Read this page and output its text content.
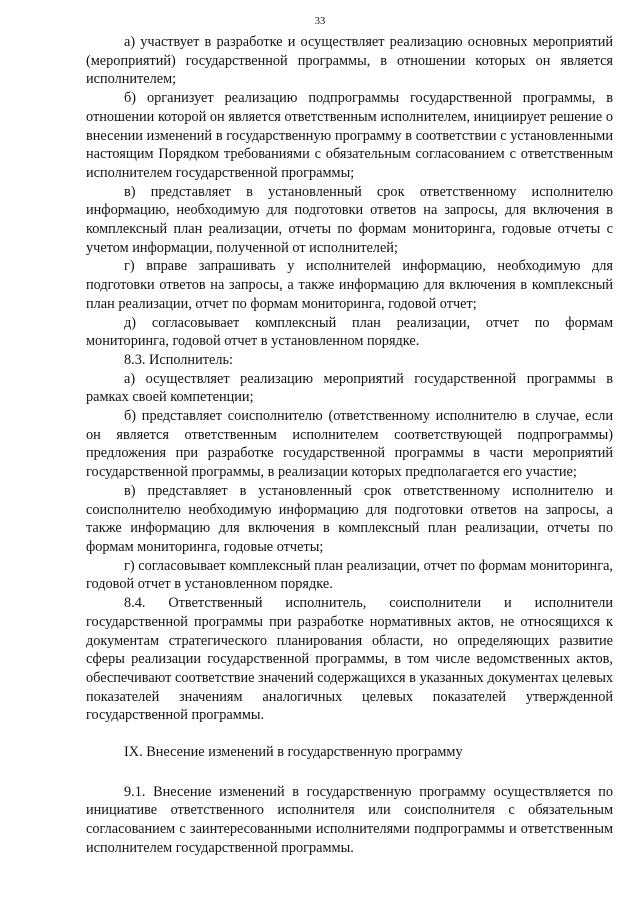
33

а) участвует в разработке и осуществляет реализацию основных мероприятий (мероприятий) государственной программы, в отношении которых он является исполнителем;

б) организует реализацию подпрограммы государственной программы, в отношении которой он является ответственным исполнителем, инициирует решение о внесении изменений в государственную программу в соответствии с установленными настоящим Порядком требованиями с обязательным согласованием с ответственным исполнителем государственной программы;

в) представляет в установленный срок ответственному исполнителю информацию, необходимую для подготовки ответов на запросы, для включения в комплексный план реализации, отчеты по формам мониторинга, годовые отчеты с учетом информации, полученной от исполнителей;

г) вправе запрашивать у исполнителей информацию, необходимую для подготовки ответов на запросы, а также информацию для включения в комплексный план реализации, отчет по формам мониторинга, годовой отчет;

д) согласовывает комплексный план реализации, отчет по формам мониторинга, годовой отчет в установленном порядке.

8.3. Исполнитель:

а) осуществляет реализацию мероприятий государственной программы в рамках своей компетенции;

б) представляет соисполнителю (ответственному исполнителю в случае, если он является ответственным исполнителем соответствующей подпрограммы) предложения при разработке государственной программы в части мероприятий государственной программы, в реализации которых предполагается его участие;

в) представляет в установленный срок ответственному исполнителю и соисполнителю необходимую информацию для подготовки ответов на запросы, а также информацию для включения в комплексный план реализации, отчеты по формам мониторинга, годовые отчеты;

г) согласовывает комплексный план реализации, отчет по формам мониторинга, годовой отчет в установленном порядке.

8.4. Ответственный исполнитель, соисполнители и исполнители государственной программы при разработке нормативных актов, не относящихся к документам стратегического планирования области, но определяющих развитие сферы реализации государственной программы, в том числе ведомственных актов, обеспечивают соответствие значений содержащихся в указанных документах целевых показателей значениям аналогичных целевых показателей утвержденной государственной программы.

IX. Внесение изменений в государственную программу

9.1. Внесение изменений в государственную программу осуществляется по инициативе ответственного исполнителя или соисполнителя с обязательным согласованием с заинтересованными исполнителями подпрограммы и ответственным исполнителем государственной программы.
